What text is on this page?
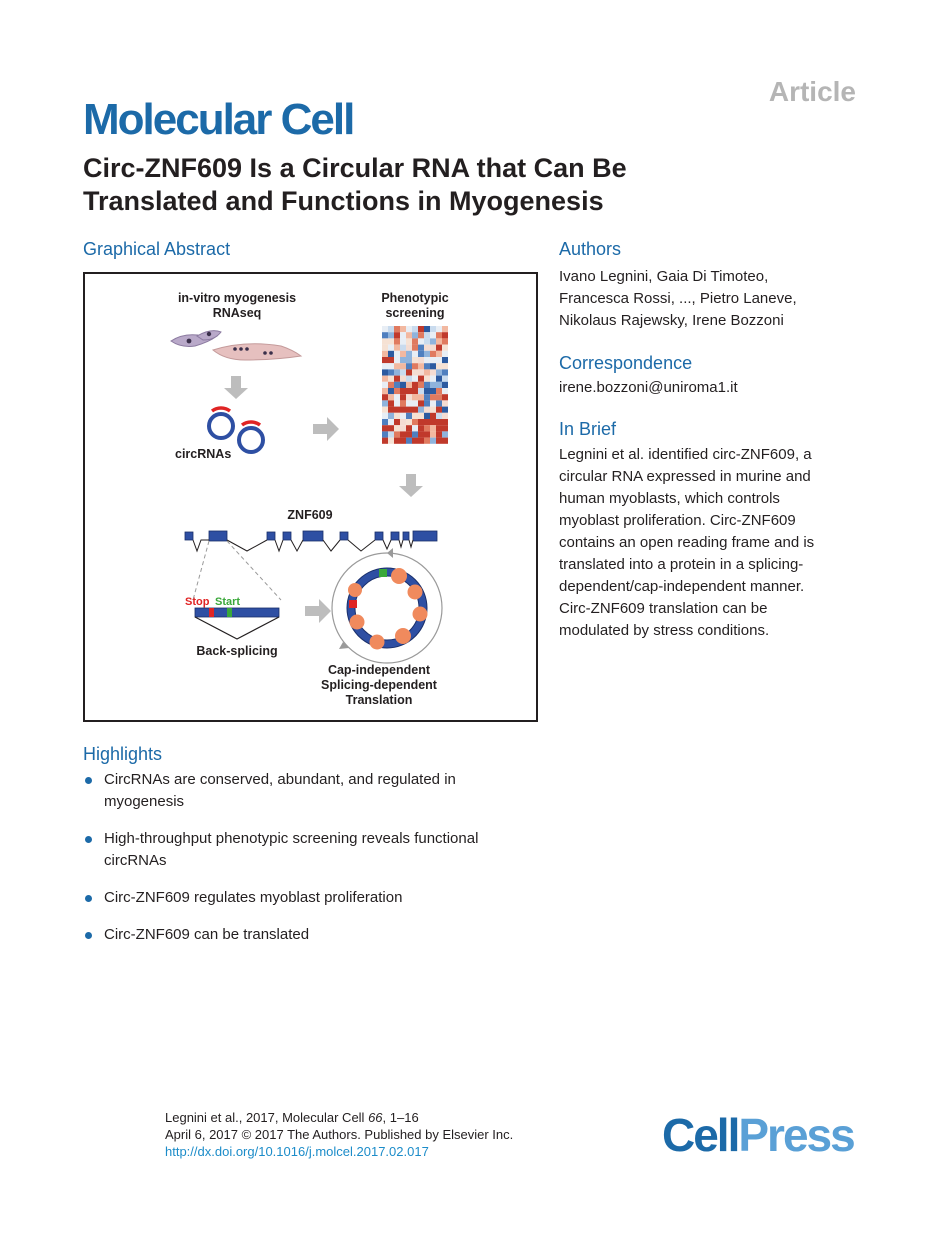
Article
Molecular Cell
Circ-ZNF609 Is a Circular RNA that Can Be
Translated and Functions in Myogenesis
Graphical Abstract
in-vitro myogenesis
RNAseq
Phenotypic
screening
circRNAs
ZNF609
Stop Start
Back-splicing
Cap-independent
Splicing-dependent
Translation
Authors
Ivano Legnini, Gaia Di Timoteo,
Francesca Rossi, ..., Pietro Laneve,
Nikolaus Rajewsky, Irene Bozzoni
Correspondence
irene.bozzoni@uniroma1.it
In Brief
Legnini et al. identified circ-ZNF609, a
circular RNA expressed in murine and
human myoblasts, which controls
myoblast proliferation. Circ-ZNF609
contains an open reading frame and is
translated into a protein in a splicing-
dependent/cap-independent manner.
Circ-ZNF609 translation can be
modulated by stress conditions.
Highlights
CircRNAs are conserved, abundant, and regulated in
myogenesis
High-throughput phenotypic screening reveals functional
circRNAs
Circ-ZNF609 regulates myoblast proliferation
Circ-ZNF609 can be translated
Legnini et al., 2017, Molecular Cell 66, 1–16
April 6, 2017 © 2017 The Authors. Published by Elsevier Inc.
http://dx.doi.org/10.1016/j.molcel.2017.02.017	CellPress
